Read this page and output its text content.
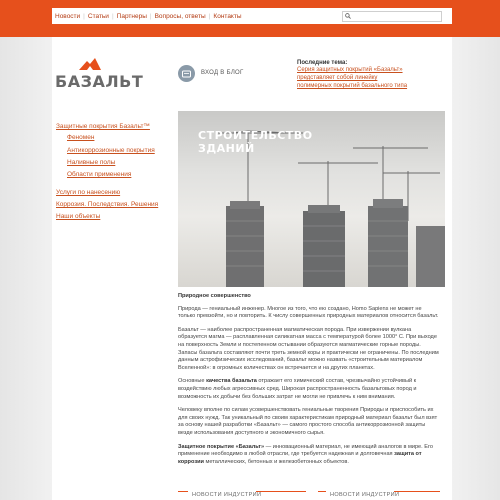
Новости | Статьи | Партнеры | Вопросы, ответы | Контакты
БАЗАЛЬТ	ВХОД В БЛОГ
Последние тема:
Серия защитных покрытий «Базальт»
представляет собой линейку
полимерных покрытий базального типа
Защитные покрытия Базальт™
Феномен
Антикоррозионные покрытия
Наливные полы
Области применения
Услуги по нанесению
Коррозия. Последствия. Решения
Наши объекты
СТРОИТЕЛЬСТВО
ЗДАНИЙ
Природное совершенство

Природа — гениальный инженер. Многое из того, что ею создано, Homo Sapiens не может не только превзойти, но и повторить. К числу совершенных природных материалов относится базальт.

Базальт — наиболее распространенная магматическая порода. При извержении вулкана образуется магма — расплавленная силикатная масса с температурой более 1000° С. При выходе на поверхность Земли и постепенном остывании образуются магматические горные породы. Запасы базальта составляют почти треть земной коры и практически не ограничены. По последним данным астрофизических исследований, базальт можно назвать «строительным материалом Вселенной»: в огромных количествах он встречается и на других планетах.

Основные качества базальта отражает его химический состав, чрезвычайно устойчивый к воздействию любых агрессивных сред. Широкая распространенность базальтовых пород и возможность их добычи без больших затрат не могли не привлечь к ним внимания.

Человеку вполне по силам усовершенствовать гениальные творения Природы и приспособить их для своих нужд. Так уникальный по своим характеристикам природный материал базальт был взят за основу нашей разработки «Базальт» — самого простого способа антикоррозионной защиты везде использования доступного и экономичного сырья.

Защитное покрытие «Базальт» — инновационный материал, не имеющий аналогов в мире. Его применение необходимо в любой отрасли, где требуется надежная и долговечная защита от коррозии металлических, бетонных и железобетонных объектов.

НОВОСТИ ИНДУСТРИИ	НОВОСТИ ИНДУСТРИИ
